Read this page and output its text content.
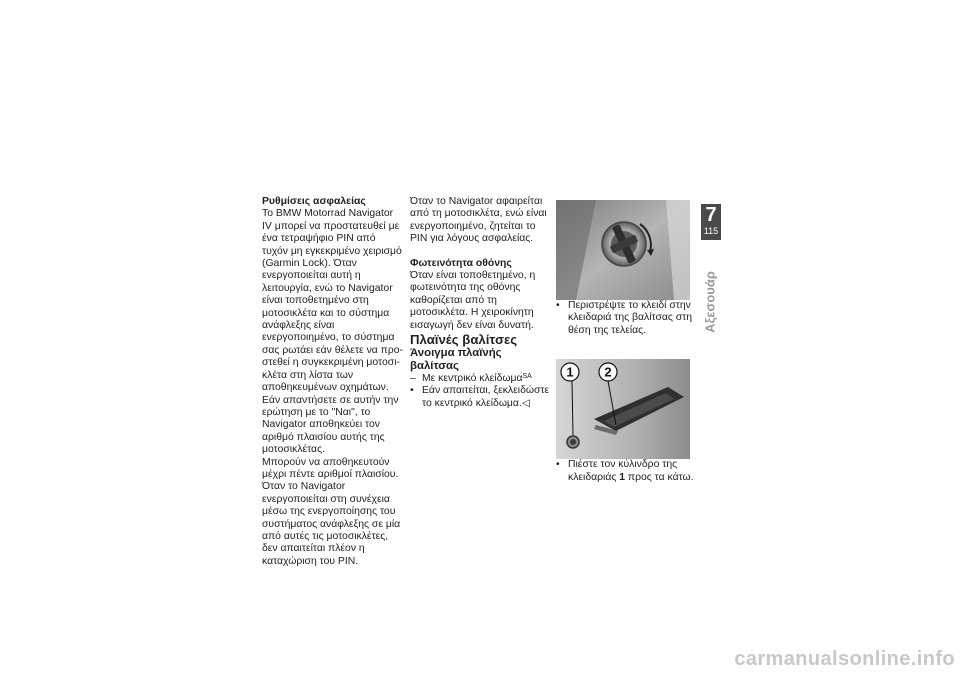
Ρυθμίσεις ασφαλείας

Το BMW Motorrad Navigator IV μπορεί να προστατευθεί με ένα τετραψήφιο PIN από τυχόν μη εγκεκριμένο χειρισμό (Garmin Lock). Όταν ενεργοποιείται αυτή η λειτουργία, ενώ το Navigator είναι τοποθετημένο στη μοτοσικλέτα και το σύστημα ανάφλεξης είναι ενεργοποιημένο, το σύστημα σας ρωτάει εάν θέλετε να προστεθεί η συγκεκριμένη μοτοσικλέτα στη λίστα των αποθηκευμένων οχημάτων. Εάν απαντήσετε σε αυτήν την ερώτηση με το "Ναι", το Navigator αποθηκεύει τον αριθμό πλαισίου αυτής της μοτοσικλέτας.

Μπορούν να αποθηκευτούν μέχρι πέντε αριθμοί πλαισίου.

Όταν το Navigator ενεργοποιείται στη συνέχεια μέσω της ενεργοποίησης του συστήματος ανάφλεξης σε μία από αυτές τις μοτοσικλέτες, δεν απαιτείται πλέον η καταχώριση του PIN.

Όταν το Navigator αφαιρείται από τη μοτοσικλέτα, ενώ είναι ενεργοποιημένο, ζητείται το PIN για λόγους ασφαλείας.

Φωτεινότητα οθόνης

Όταν είναι τοποθετημένο, η φωτεινότητα της οθόνης καθορίζεται από τη μοτοσικλέτα. Η χειροκίνητη εισαγωγή δεν είναι δυνατή.

Πλαϊνές βαλίτσες

Άνοιγμα πλαϊνής βαλίτσας

– Με κεντρικό κλείδωμα$^{SA}$

• Εάν απαιτείται, ξεκλειδώστε το κεντρικό κλείδωμα.◁

• Περιστρέψτε το κλειδί στην κλειδαριά της βαλίτσας στη θέση της τελείας.

1 2

• Πιέστε τον κύλινδρο της κλειδαριάς 1 προς τα κάτω.

7
115
Αξεσουάρ
carmanualsonline.info
